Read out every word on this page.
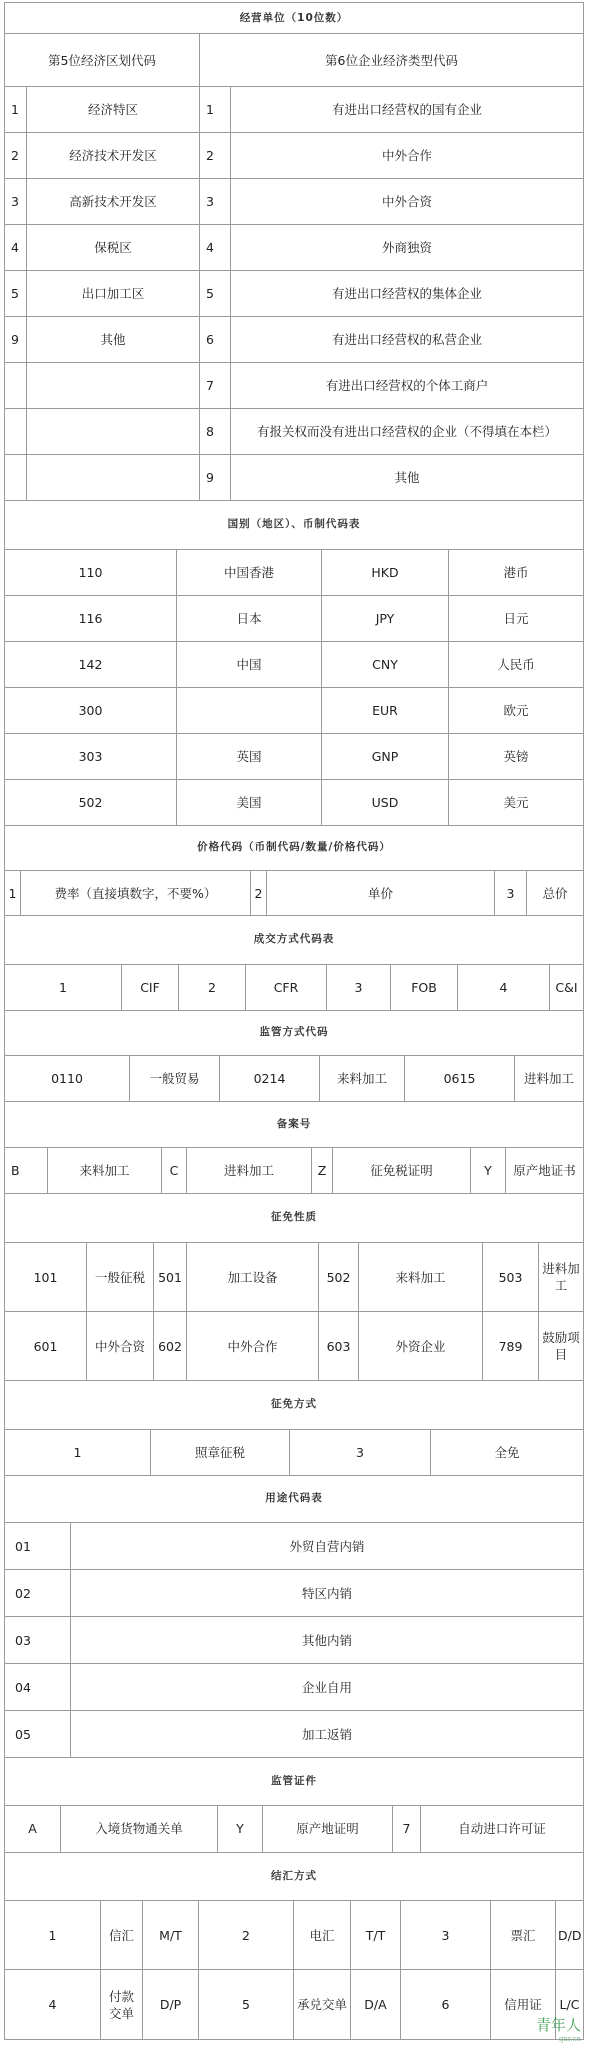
经营单位（10位数）			
第5位经济区划代码		第6位企业经济类型代码	
1	经济特区	1	有进出口经营权的国有企业
2	经济技术开发区	2	中外合作
3	高新技术开发区	3	中外合资
4	保税区	4	外商独资
5	出口加工区	5	有进出口经营权的集体企业
9	其他	6	有进出口经营权的私营企业
		7	有进出口经营权的个体工商户
		8	有报关权而没有进出口经营权的企业（不得填在本栏）
		9	其他
国别（地区）、币制代码表			
110	中国香港	HKD	港币
116	日本	JPY	日元
142	中国	CNY	人民币
300		EUR	欧元
303	英国	GNP	英镑
502	美国	USD	美元
价格代码（币制代码/数量/价格代码）
1	费率（直接填数字，不要%）	2	单价	3	总价
成交方式代码表
1	CIF	2	CFR	3	FOB	4	C&I
监管方式代码
0110	一般贸易	0214	来料加工	0615	进料加工
备案号
B	来料加工	C	进料加工	Z	征免税证明	Y	原产地证书
征免性质							
101	一般征税	501	加工设备	502	来料加工	503	进料加工
601	中外合资	602	中外合作	603	外资企业	789	鼓励项目
征免方式
1	照章征税	3	全免
用途代码表	
01	外贸自营内销
02	特区内销
03	其他内销
04	企业自用
05	加工返销
监管证件
A	入境货物通关单	Y	原产地证明	7	自动进口许可证
结汇方式								
1	信汇	M/T	2	电汇	T/T	3	票汇	D/D
4	付款交单	D/P	5	承兑交单	D/A	6	信用证	L/C
青年人
qnr.cn
